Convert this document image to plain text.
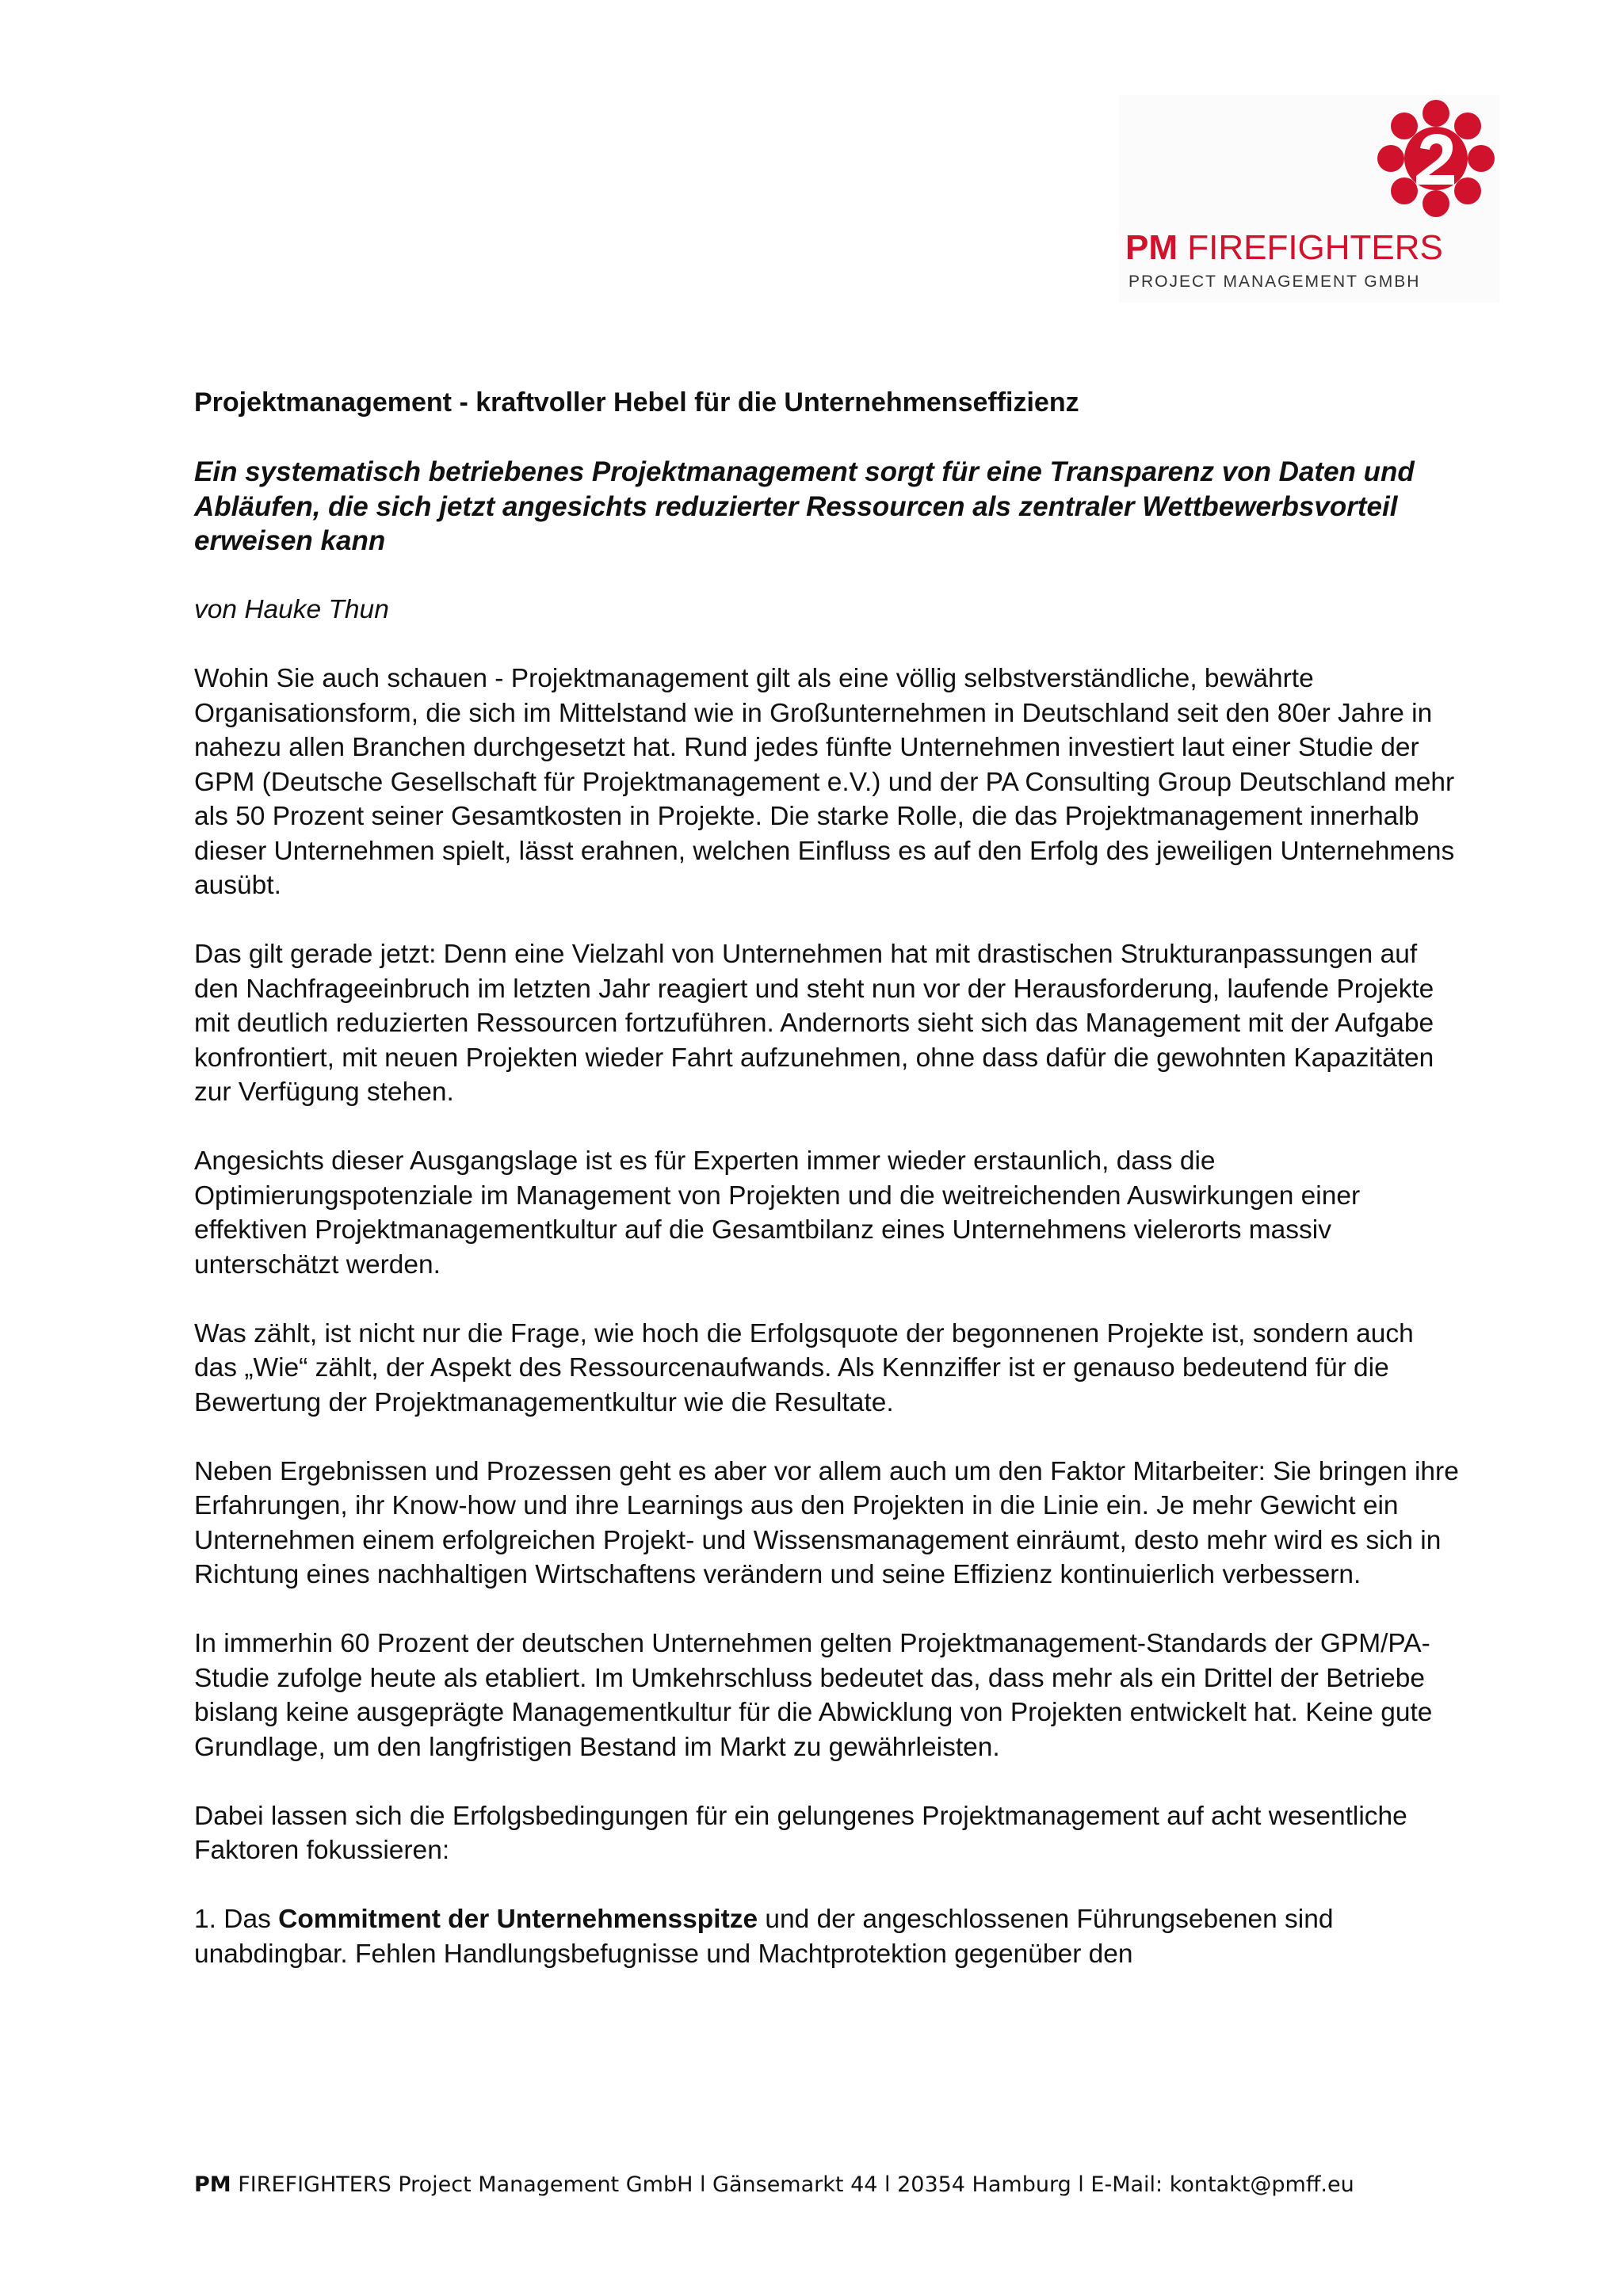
PM FIREFIGHTERS
PROJECT MANAGEMENT GMBH

Projektmanagement - kraftvoller Hebel für die Unternehmenseffizienz

Ein systematisch betriebenes Projektmanagement sorgt für eine Transparenz von Daten und Abläufen, die sich jetzt angesichts reduzierter Ressourcen als zentraler Wettbewerbsvorteil erweisen kann

von Hauke Thun

Wohin Sie auch schauen - Projektmanagement gilt als eine völlig selbstverständliche, bewährte Organisationsform, die sich im Mittelstand wie in Großunternehmen in Deutschland seit den 80er Jahre in nahezu allen Branchen durchgesetzt hat. Rund jedes fünfte Unternehmen investiert laut einer Studie der GPM (Deutsche Gesellschaft für Projektmanagement e.V.) und der PA Consulting Group Deutschland mehr als 50 Prozent seiner Gesamtkosten in Projekte. Die starke Rolle, die das Projektmanagement innerhalb dieser Unternehmen spielt, lässt erahnen, welchen Einfluss es auf den Erfolg des jeweiligen Unternehmens ausübt.

Das gilt gerade jetzt: Denn eine Vielzahl von Unternehmen hat mit drastischen Strukturanpassungen auf den Nachfrageeinbruch im letzten Jahr reagiert und steht nun vor der Herausforderung, laufende Projekte mit deutlich reduzierten Ressourcen fortzuführen. Andernorts sieht sich das Management mit der Aufgabe konfrontiert, mit neuen Projekten wieder Fahrt aufzunehmen, ohne dass dafür die gewohnten Kapazitäten zur Verfügung stehen.

Angesichts dieser Ausgangslage ist es für Experten immer wieder erstaunlich, dass die Optimierungspotenziale im Management von Projekten und die weitreichenden Auswirkungen einer effektiven Projektmanagementkultur auf die Gesamtbilanz eines Unternehmens vielerorts massiv unterschätzt werden.

Was zählt, ist nicht nur die Frage, wie hoch die Erfolgsquote der begonnenen Projekte ist, sondern auch das „Wie“ zählt, der Aspekt des Ressourcenaufwands. Als Kennziffer ist er genauso bedeutend für die Bewertung der Projektmanagementkultur wie die Resultate.

Neben Ergebnissen und Prozessen geht es aber vor allem auch um den Faktor Mitarbeiter: Sie bringen ihre Erfahrungen, ihr Know-how und ihre Learnings aus den Projekten in die Linie ein. Je mehr Gewicht ein Unternehmen einem erfolgreichen Projekt- und Wissensmanagement einräumt, desto mehr wird es sich in Richtung eines nachhaltigen Wirtschaftens verändern und seine Effizienz kontinuierlich verbessern.

In immerhin 60 Prozent der deutschen Unternehmen gelten Projektmanagement-Standards der GPM/PA-Studie zufolge heute als etabliert. Im Umkehrschluss bedeutet das, dass mehr als ein Drittel der Betriebe bislang keine ausgeprägte Managementkultur für die Abwicklung von Projekten entwickelt hat. Keine gute Grundlage, um den langfristigen Bestand im Markt zu gewährleisten.

Dabei lassen sich die Erfolgsbedingungen für ein gelungenes Projektmanagement auf acht wesentliche Faktoren fokussieren:

1. Das Commitment der Unternehmensspitze und der angeschlossenen Führungsebenen sind unabdingbar. Fehlen Handlungsbefugnisse und Machtprotektion gegenüber den

PM FIREFIGHTERS Project Management GmbH l Gänsemarkt 44 l 20354 Hamburg l E-Mail: kontakt@pmff.eu
